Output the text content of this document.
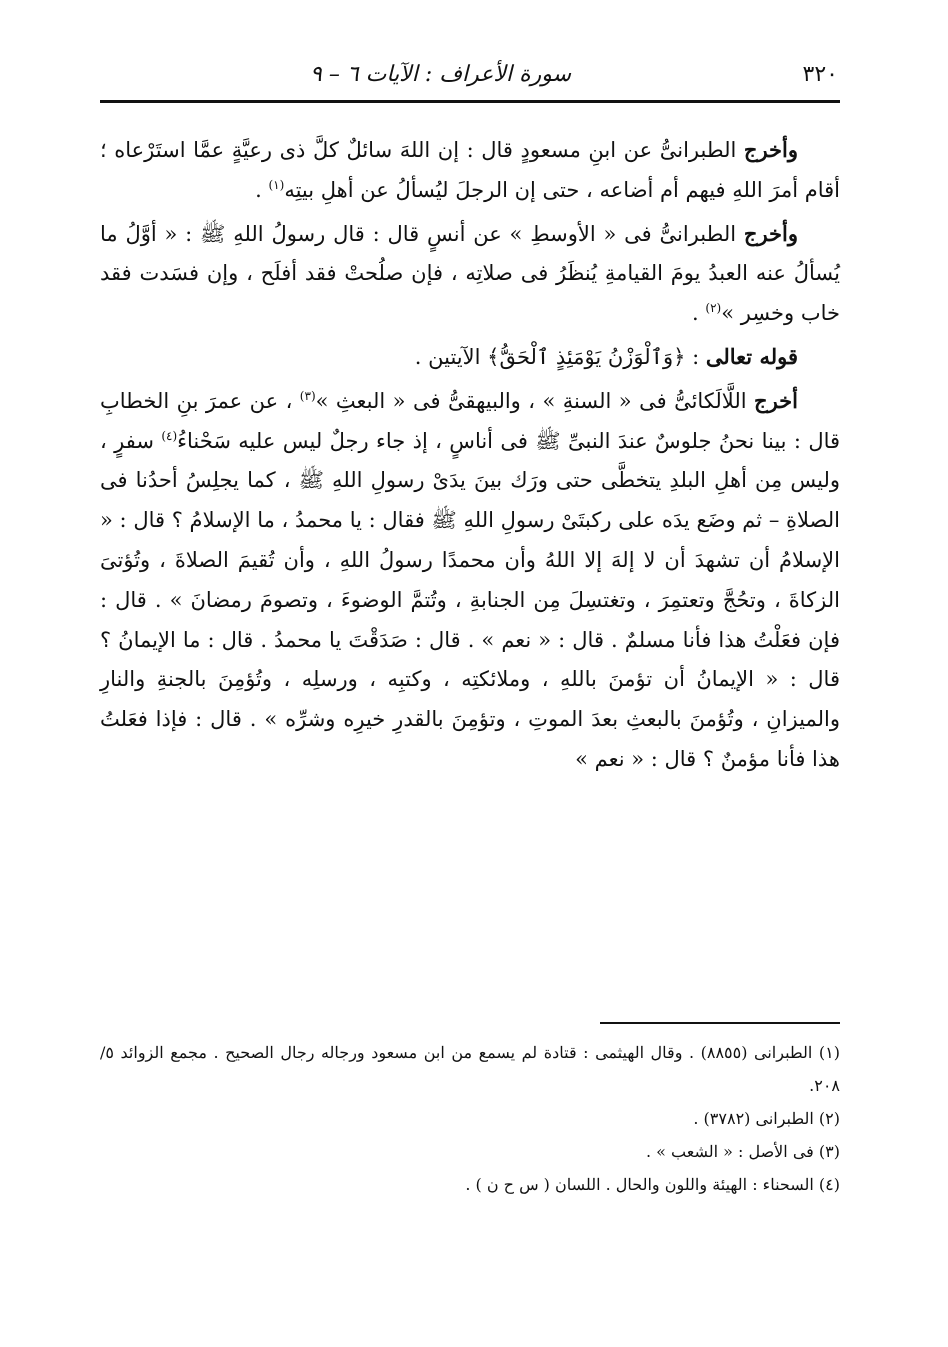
٣٢٠
سورة الأعراف : الآيات ٦ – ٩

وأخرج الطبرانىُّ عن ابنِ مسعودٍ قال : إن اللهَ سائلٌ كلَّ ذى رعيَّةٍ عمَّا استَرْعاه ؛ أقام أمرَ اللهِ فيهم أم أضاعه ، حتى إن الرجلَ ليُسألُ عن أهلِ بيتِه$^{(١)}$ .

وأخرج الطبرانىُّ فى « الأوسطِ » عن أنسٍ قال : قال رسولُ اللهِ ﷺ : « أوَّلُ ما يُسألُ عنه العبدُ يومَ القيامةِ يُنظَرُ فى صلاتِه ، فإن صلُحتْ فقد أفلَح ، وإن فسَدت فقد خاب وخسِر »$^{(٢)}$ .

قوله تعالى : ﴿وَٱلْوَزْنُ يَوْمَئِذٍ ٱلْحَقُّ﴾ الآيتين .

أخرج اللَّالَكائىُّ فى « السنةِ » ، والبيهقىُّ فى « البعثِ »$^{(٣)}$ ، عن عمرَ بنِ الخطابِ قال : بينا نحنُ جلوسٌ عندَ النبىِّ ﷺ فى أناسٍ ، إذ جاء رجلٌ ليس عليه سَحْناءُ$^{(٤)}$ سفرٍ ، وليس مِن أهلِ البلدِ يتخطَّى حتى ورَك بينَ يدَىْ رسولِ اللهِ ﷺ ، كما يجلِسُ أحدُنا فى الصلاةِ – ثم وضَع يدَه على ركبتَىْ رسولِ اللهِ ﷺ فقال : يا محمدُ ، ما الإسلامُ ؟ قال : « الإسلامُ أن تشهدَ أن لا إلهَ إلا اللهُ وأن محمدًا رسولُ اللهِ ، وأن تُقيمَ الصلاةَ ، وتُؤتىَ الزكاةَ ، وتحُجَّ وتعتمِرَ ، وتغتسِلَ مِن الجنابةِ ، وتُتمَّ الوضوءَ ، وتصومَ رمضانَ » . قال : فإن فعَلْتُ هذا فأنا مسلمٌ . قال : « نعم » . قال : صَدَقْتَ يا محمدُ . قال : ما الإيمانُ ؟ قال : « الإيمانُ أن تؤمنَ باللهِ ، وملائكتِه ، وكتبِه ، ورسلِه ، وتُؤمِنَ بالجنةِ والنارِ والميزانِ ، وتُؤمنَ بالبعثِ بعدَ الموتِ ، وتؤمِنَ بالقدرِ خيرِه وشرِّه » . قال : فإذا فعَلتُ هذا فأنا مؤمنٌ ؟ قال : « نعم »

(١) الطبرانى (٨٨٥٥) . وقال الهيثمى : قتادة لم يسمع من ابن مسعود ورجاله رجال الصحيح . مجمع الزوائد ٥/ ٢٠٨.

(٢) الطبرانى (٣٧٨٢) .

(٣) فى الأصل : « الشعب » .

(٤) السحناء : الهيئة واللون والحال . اللسان ( س ح ن ) .
